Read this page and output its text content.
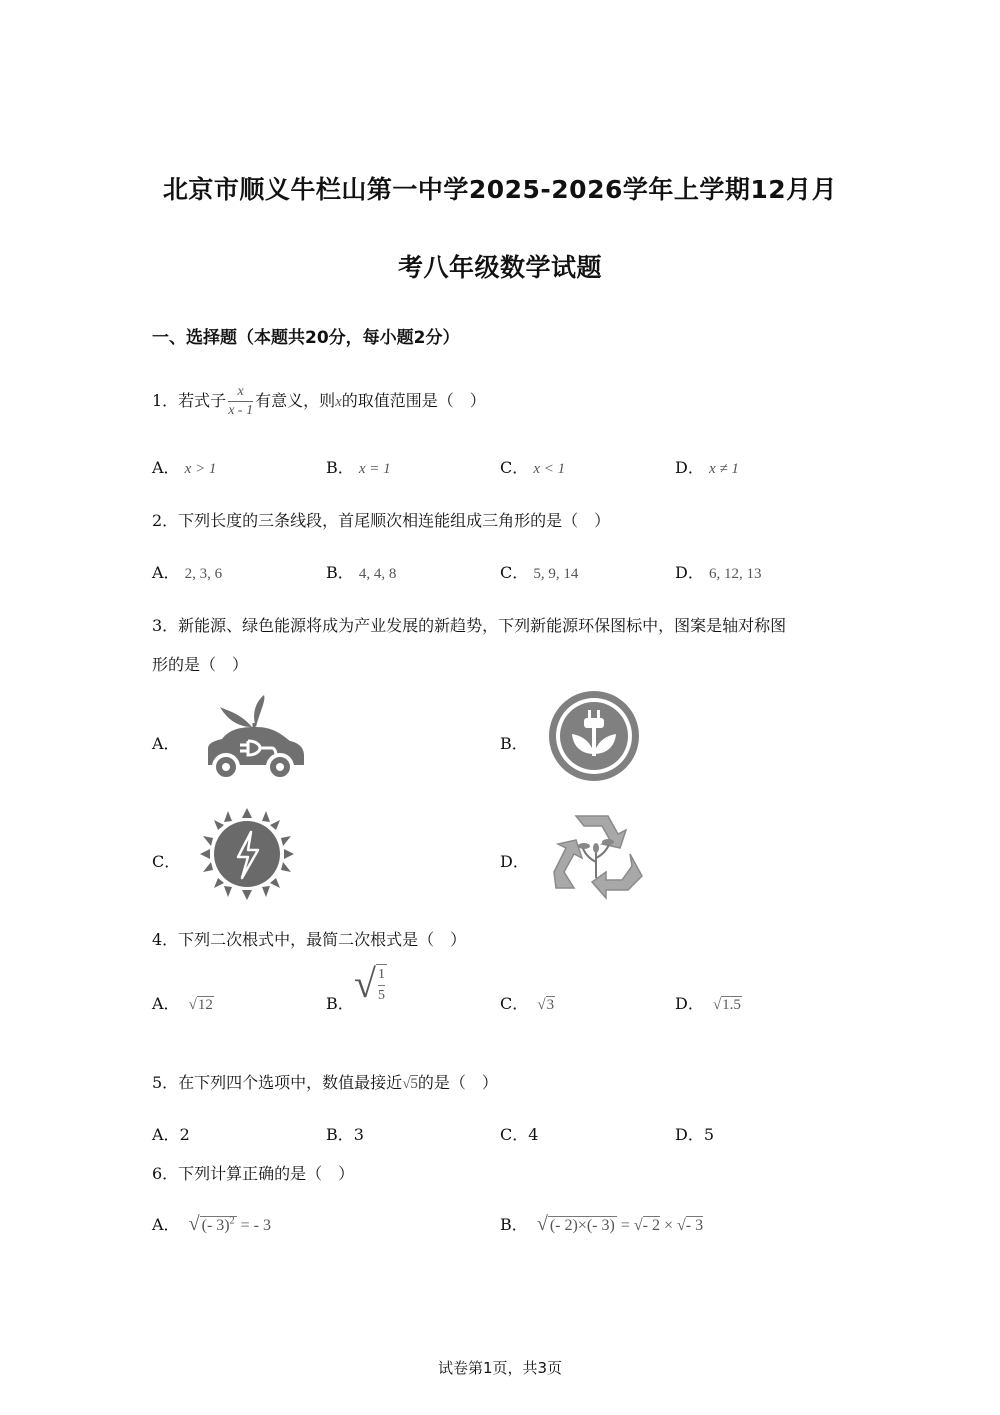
北京市顺义牛栏山第一中学2025-2026学年上学期12月月
考八年级数学试题
一、选择题（本题共20分，每小题2分）
1．若式子 $\frac{x}{x - 1}$ 有意义，则x的取值范围是（　）
A． x > 1	B． x = 1	C． x < 1	D． x ≠ 1
2．下列长度的三条线段，首尾顺次相连能组成三角形的是（　）
A． 2, 3, 6	B． 4, 4, 8	C． 5, 9, 14	D． 6, 12, 13
3．新能源、绿色能源将成为产业发展的新趋势，下列新能源环保图标中，图案是轴对称图
形的是（　）
A．	B．
C．	D．
4．下列二次根式中，最简二次根式是（　）
A． √12	B． √ $\frac{1}{5}$	C． √3	D． √1.5
5．在下列四个选项中，数值最接近√5的是（　）
A．2	B．3	C．4	D．5
6．下列计算正确的是（　）
A． √ (- 3)$^2$ = - 3	B． √ (- 2)×(- 3) = √- 2 × √- 3
试卷第1页，共3页
